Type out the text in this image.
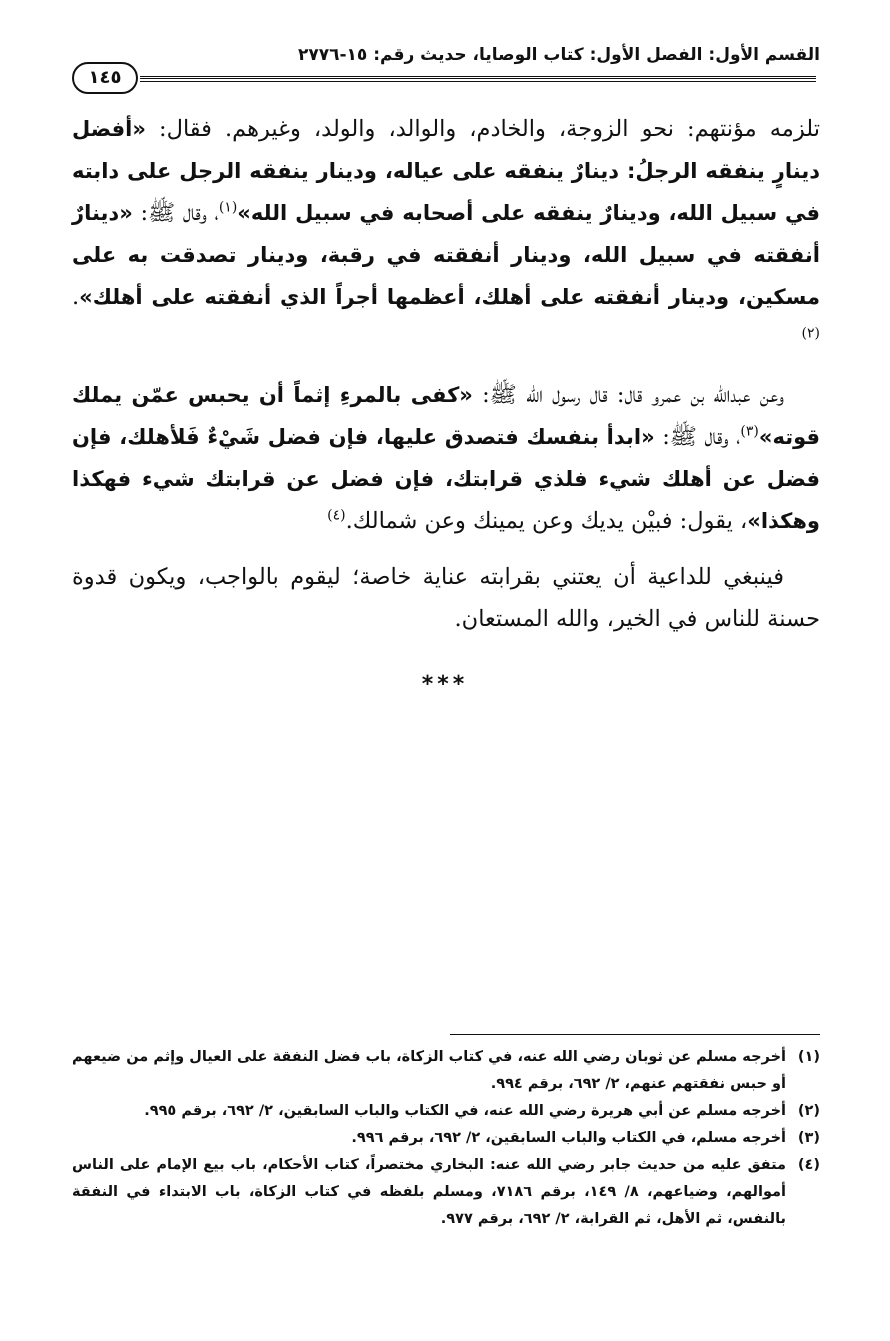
القسم الأول: الفصل الأول: كتاب الوصايا، حديث رقم: ١٥-٢٧٧٦
١٤٥

تلزمه مؤنتهم: نحو الزوجة، والخادم، والوالد، والولد، وغيرهم. فقال: «أفضل دينارٍ ينفقه الرجلُ: دينارٌ ينفقه على عياله، ودينار ينفقه الرجل على دابته في سبيل الله، ودينارٌ ينفقه على أصحابه في سبيل الله»$^{(١)}$، وقال ﷺ: «دينارٌ أنفقته في سبيل الله، ودينار أنفقته في رقبة، ودينار تصدقت به على مسكين، ودينار أنفقته على أهلك، أعظمها أجراً الذي أنفقته على أهلك».$^{(٢)}$

وعن عبدالله بن عمرو قال: قال رسول الله ﷺ: «كفى بالمرءِ إثماً أن يحبس عمّن يملك قوته»$^{(٣)}$، وقال ﷺ: «ابدأ بنفسك فتصدق عليها، فإن فضل شَيْءٌ فَلأهلك، فإن فضل عن أهلك شيء فلذي قرابتك، فإن فضل عن قرابتك شيء فهكذا وهكذا»، يقول: فبيْن يديك وعن يمينك وعن شمالك.$^{(٤)}$

فينبغي للداعية أن يعتني بقرابته عناية خاصة؛ ليقوم بالواجب، ويكون قدوة حسنة للناس في الخير، والله المستعان.

***
(١)
أخرجه مسلم عن ثوبان رضي الله عنه، في كتاب الزكاة، باب فضل النفقة على العيال وإثم من ضيعهم أو حبس نفقتهم عنهم، ٢/ ٦٩٢، برقم ٩٩٤.
(٢)
أخرجه مسلم عن أبي هريرة رضي الله عنه، في الكتاب والباب السابقين، ٢/ ٦٩٢، برقم ٩٩٥.
(٣)
أخرجه مسلم، في الكتاب والباب السابقين، ٢/ ٦٩٢، برقم ٩٩٦.
(٤)
متفق عليه من حديث جابر رضي الله عنه: البخاري مختصراً، كتاب الأحكام، باب بيع الإمام على الناس أموالهم، وضياعهم، ٨/ ١٤٩، برقم ٧١٨٦، ومسلم بلفظه في كتاب الزكاة، باب الابتداء في النفقة بالنفس، ثم الأهل، ثم القرابة، ٢/ ٦٩٢، برقم ٩٧٧.
